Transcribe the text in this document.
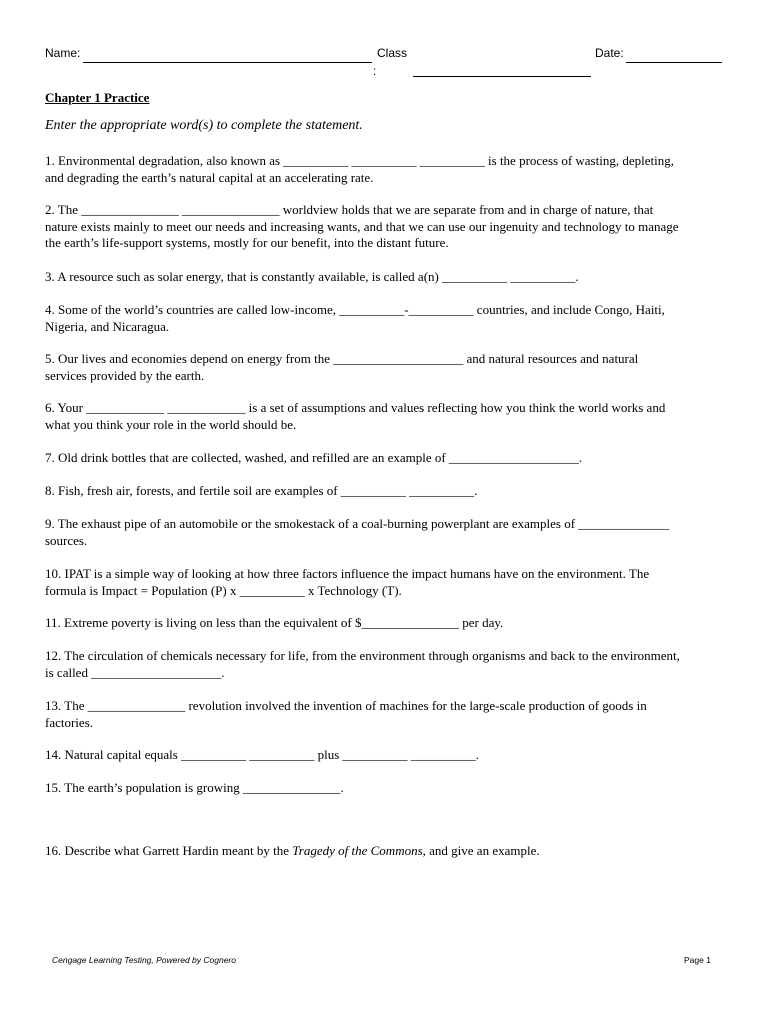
Name:	Class
:
Date:
Chapter 1 Practice
Enter the appropriate word(s) to complete the statement.
1. Environmental degradation, also known as __________ __________ __________ is the process of wasting, depleting,
and degrading the earth’s natural capital at an accelerating rate.
2. The _______________ _______________ worldview holds that we are separate from and in charge of nature, that
nature exists mainly to meet our needs and increasing wants, and that we can use our ingenuity and technology to manage
the earth’s life-support systems, mostly for our benefit, into the distant future.
3. A resource such as solar energy, that is constantly available, is called a(n) __________ __________.
4. Some of the world’s countries are called low-income, __________-__________ countries, and include Congo, Haiti,
Nigeria, and Nicaragua.
5. Our lives and economies depend on energy from the ____________________ and natural resources and natural
services provided by the earth.
6. Your ____________ ____________ is a set of assumptions and values reflecting how you think the world works and
what you think your role in the world should be.
7. Old drink bottles that are collected, washed, and refilled are an example of ____________________.
8. Fish, fresh air, forests, and fertile soil are examples of __________ __________.
9. The exhaust pipe of an automobile or the smokestack of a coal-burning powerplant are examples of ______________
sources.
10. IPAT is a simple way of looking at how three factors influence the impact humans have on the environment. The
formula is Impact = Population (P) x __________ x Technology (T).
11. Extreme poverty is living on less than the equivalent of $_______________ per day.
12. The circulation of chemicals necessary for life, from the environment through organisms and back to the environment,
is called ____________________.
13. The _______________ revolution involved the invention of machines for the large-scale production of goods in
factories.
14. Natural capital equals __________ __________ plus __________ __________.
15. The earth’s population is growing _______________.
16. Describe what Garrett Hardin meant by the Tragedy of the Commons, and give an example.
Cengage Learning Testing, Powered by Cognero	Page 1
